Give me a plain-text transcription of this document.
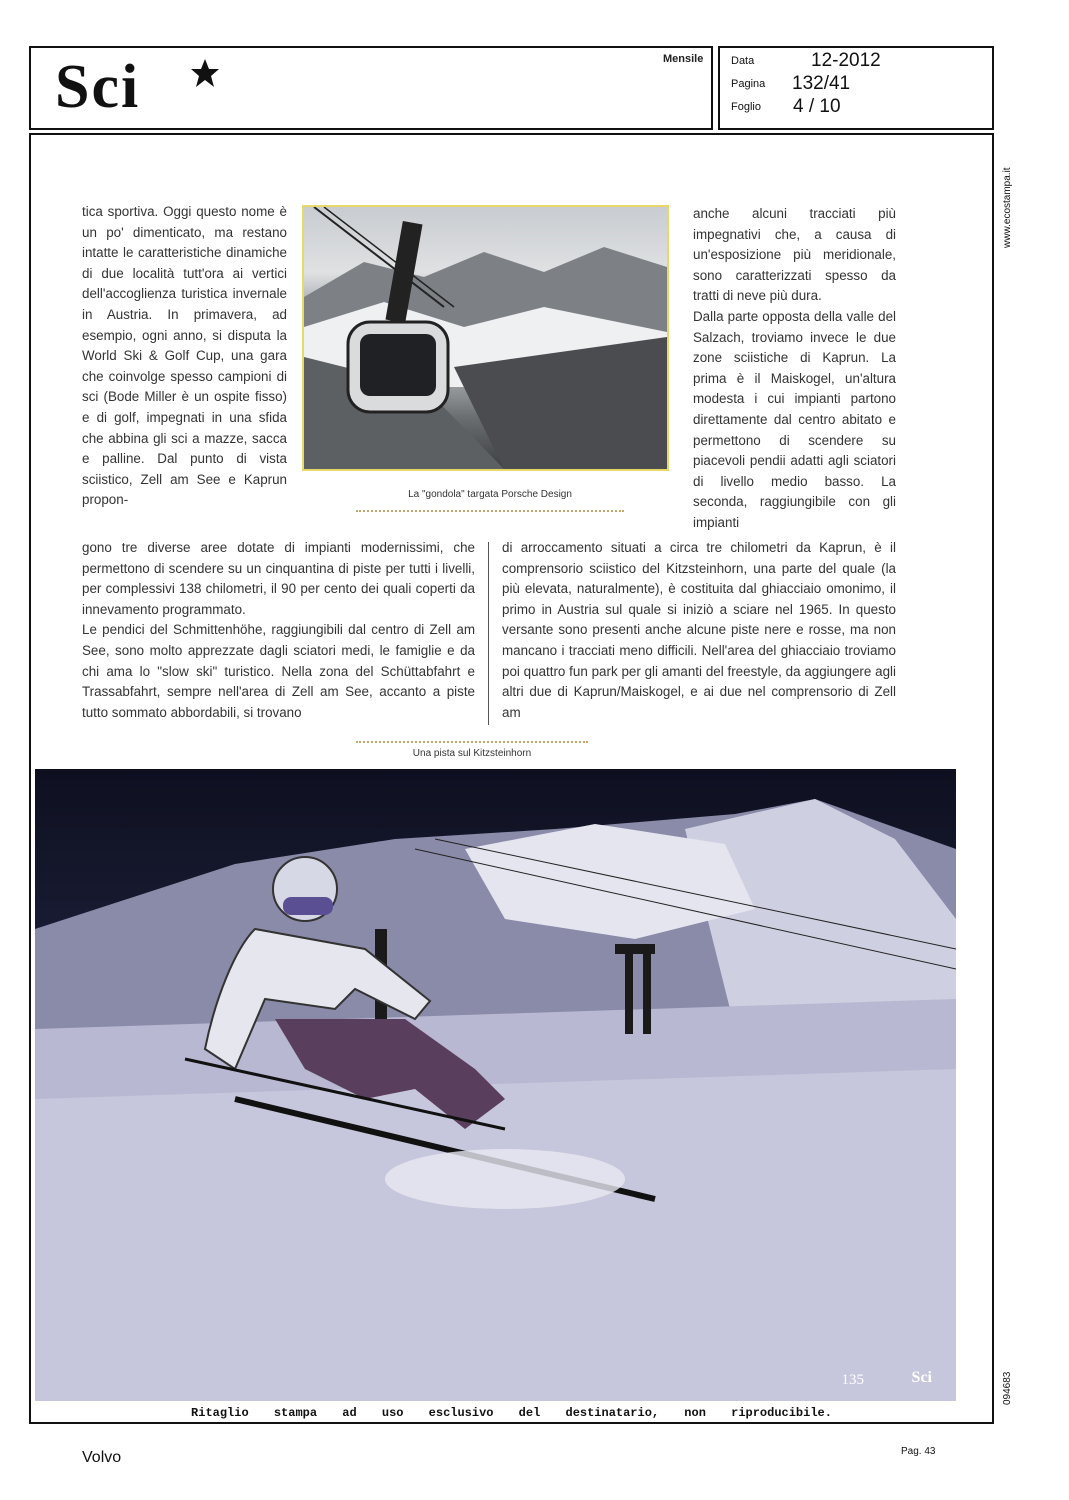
Sci	Mensile	Data	12-2012
Pagina 132/41
Foglio 4 / 10
www.ecostampa.it
094683

tica sportiva. Oggi questo nome è un po' dimenticato, ma restano intatte le caratteristiche dinamiche di due località tutt'ora ai vertici dell'accoglienza turistica invernale in Austria. In primavera, ad esempio, ogni anno, si disputa la World Ski & Golf Cup, una gara che coinvolge spesso campioni di sci (Bode Miller è un ospite fisso) e di golf, impegnati in una sfida che abbina gli sci a mazze, sacca e palline. Dal punto di vista sciistico, Zell am See e Kaprun propon-	La "gondola" targata Porsche Design

anche alcuni tracciati più impegnativi che, a causa di un'esposizione più meridionale, sono caratterizzati spesso da tratti di neve più dura.

Dalla parte opposta della valle del Salzach, troviamo invece le due zone sciistiche di Kaprun. La prima è il Maiskogel, un'altura modesta i cui impianti partono direttamente dal centro abitato e permettono di scendere su piacevoli pendii adatti agli sciatori di livello medio basso. La seconda, raggiungibile con gli impianti

gono tre diverse aree dotate di impianti modernissimi, che permettono di scendere su un cinquantina di piste per tutti i livelli, per complessivi 138 chilometri, il 90 per cento dei quali coperti da innevamento programmato.

Le pendici del Schmittenhöhe, raggiungibili dal centro di Zell am See, sono molto apprezzate dagli sciatori medi, le famiglie e da chi ama lo "slow ski" turistico. Nella zona del Schüttabfahrt e Trassabfahrt, sempre nell'area di Zell am See, accanto a piste tutto sommato abbordabili, si trovano

di arroccamento situati a circa tre chilometri da Kaprun, è il comprensorio sciistico del Kitzsteinhorn, una parte del quale (la più elevata, naturalmente), è costituita dal ghiacciaio omonimo, il primo in Austria sul quale si iniziò a sciare nel 1965. In questo versante sono presenti anche alcune piste nere e rosse, ma non mancano i tracciati meno difficili. Nell'area del ghiacciaio troviamo poi quattro fun park per gli amanti del freestyle, da aggiungere agli altri due di Kaprun/Maiskogel, e ai due nel comprensorio di Zell am

Una pista sul Kitzsteinhorn
135	Sci
Ritaglio stampa ad uso esclusivo del destinatario, non riproducibile.
Volvo	Pag. 43
